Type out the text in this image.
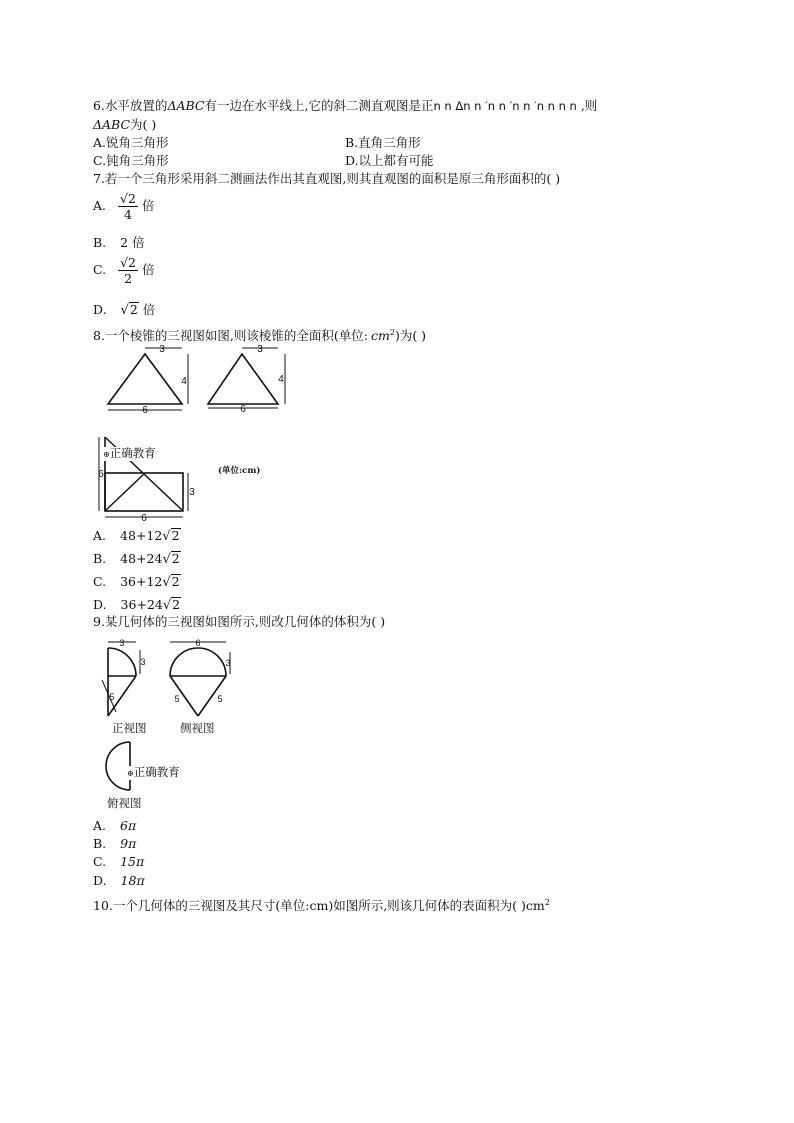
6.水平放置的ΔABC有一边在水平线上,它的斜二测直观图是正n n Δn n ′n n ′n n ′n n n n ,则
ΔABC为( )
A.锐角三角形	B.直角三角形
C.钝角三角形	D.以上都有可能
7.若一个三角形采用斜二测画法作出其直观图,则其直观图的面积是原三角形面积的( )
A. $\frac{√2}{4}$ 倍
B. 2 倍
C. $\frac{√2}{2}$ 倍
D. √2 倍
8.一个棱锥的三视图如图,则该棱锥的全面积(单位: $cm^2$)为( )
3
4
6
3
4
6
6
3
6
⊕正确教育
(单位:cm)
A. 48+12√2
B. 48+24√2
C. 36+12√2
D. 36+24√2
9.某几何体的三视图如图所示,则改几何体的体积为( )
3
3
5
正视图
6
3
5	5
侧视图
⊕正确教育
俯视图
A. 6π
B. 9π
C. 15π
D. 18π
10.一个几何体的三视图及其尺寸(单位:cm)如图所示,则该几何体的表面积为( )$cm^2$
